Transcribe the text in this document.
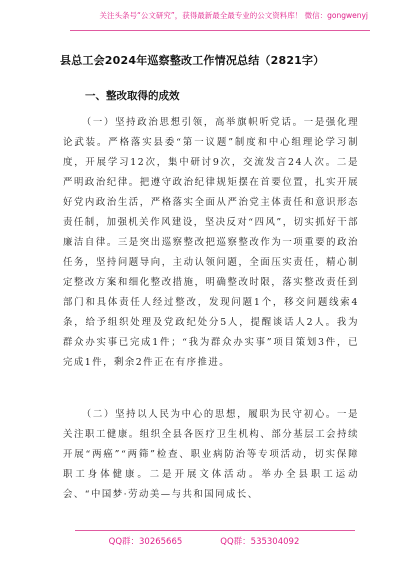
关注头条号“公文研究”，获得最新最全最专业的公文资料库！ 微信：gongwenyj
县总工会2024年巡察整改工作情况总结（2821字）
一、整改取得的成效

（一）坚持政治思想引领，高举旗帜听党话。一是强化理论武装。严格落实县委“第一议题”制度和中心组理论学习制度，开展学习12次，集中研讨9次，交流发言24人次。二是严明政治纪律。把遵守政治纪律规矩摆在首要位置，扎实开展好党内政治生活，严格落实全面从严治党主体责任和意识形态责任制，加强机关作风建设，坚决反对“四风”，切实抓好干部廉洁自律。三是突出巡察整改把巡察整改作为一项重要的政治任务，坚持问题导向，主动认领问题，全面压实责任，精心制定整改方案和细化整改措施，明确整改时限，落实整改责任到部门和具体责任人经过整改，发现问题1个，移交问题线索4条，给予组织处理及党政纪处分5人，提醒谈话人2人。我为群众办实事已完成1件；“我为群众办实事”项目策划3件，已完成1件，剩余2件正在有序推进。

（二）坚持以人民为中心的思想，履职为民守初心。一是关注职工健康。组织全县各医疗卫生机构、部分基层工会持续开展“两癌”“两筛”检查、职业病防治等专项活动，切实保障职工身体健康。二是开展文体活动。举办全县职工运动会、“中国梦·劳动美—与共和国同成长、

QQ群：30265665	QQ群：535304092
